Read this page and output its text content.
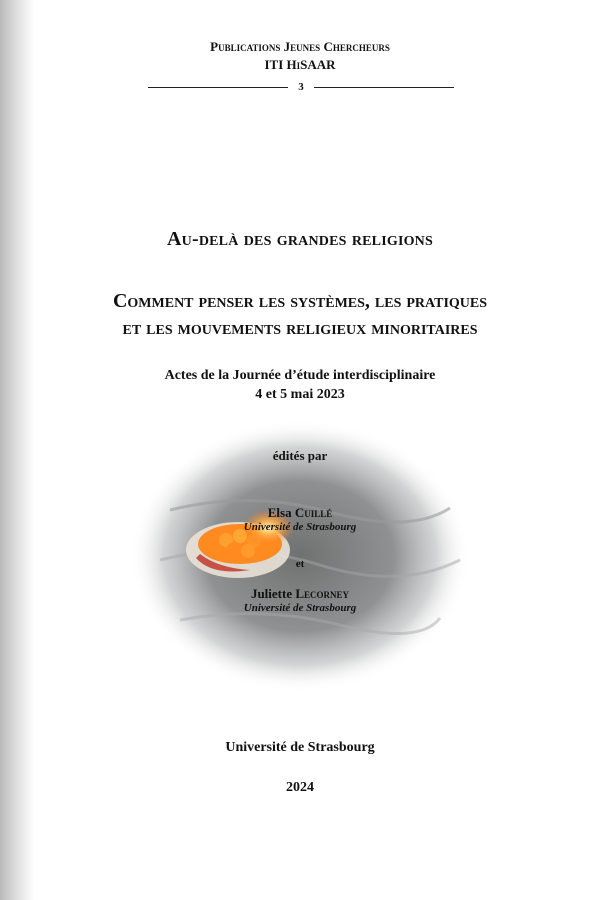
Publications Jeunes Chercheurs
ITI HiSAAR
3
Au-delà des grandes religions
Comment penser les systèmes, les pratiques
et les mouvements religieux minoritaires
Actes de la Journée d’étude interdisciplinaire
4 et 5 mai 2023
édités par
Elsa Cuillé
Université de Strasbourg
et
Juliette Lecorney
Université de Strasbourg
Université de Strasbourg
2024
